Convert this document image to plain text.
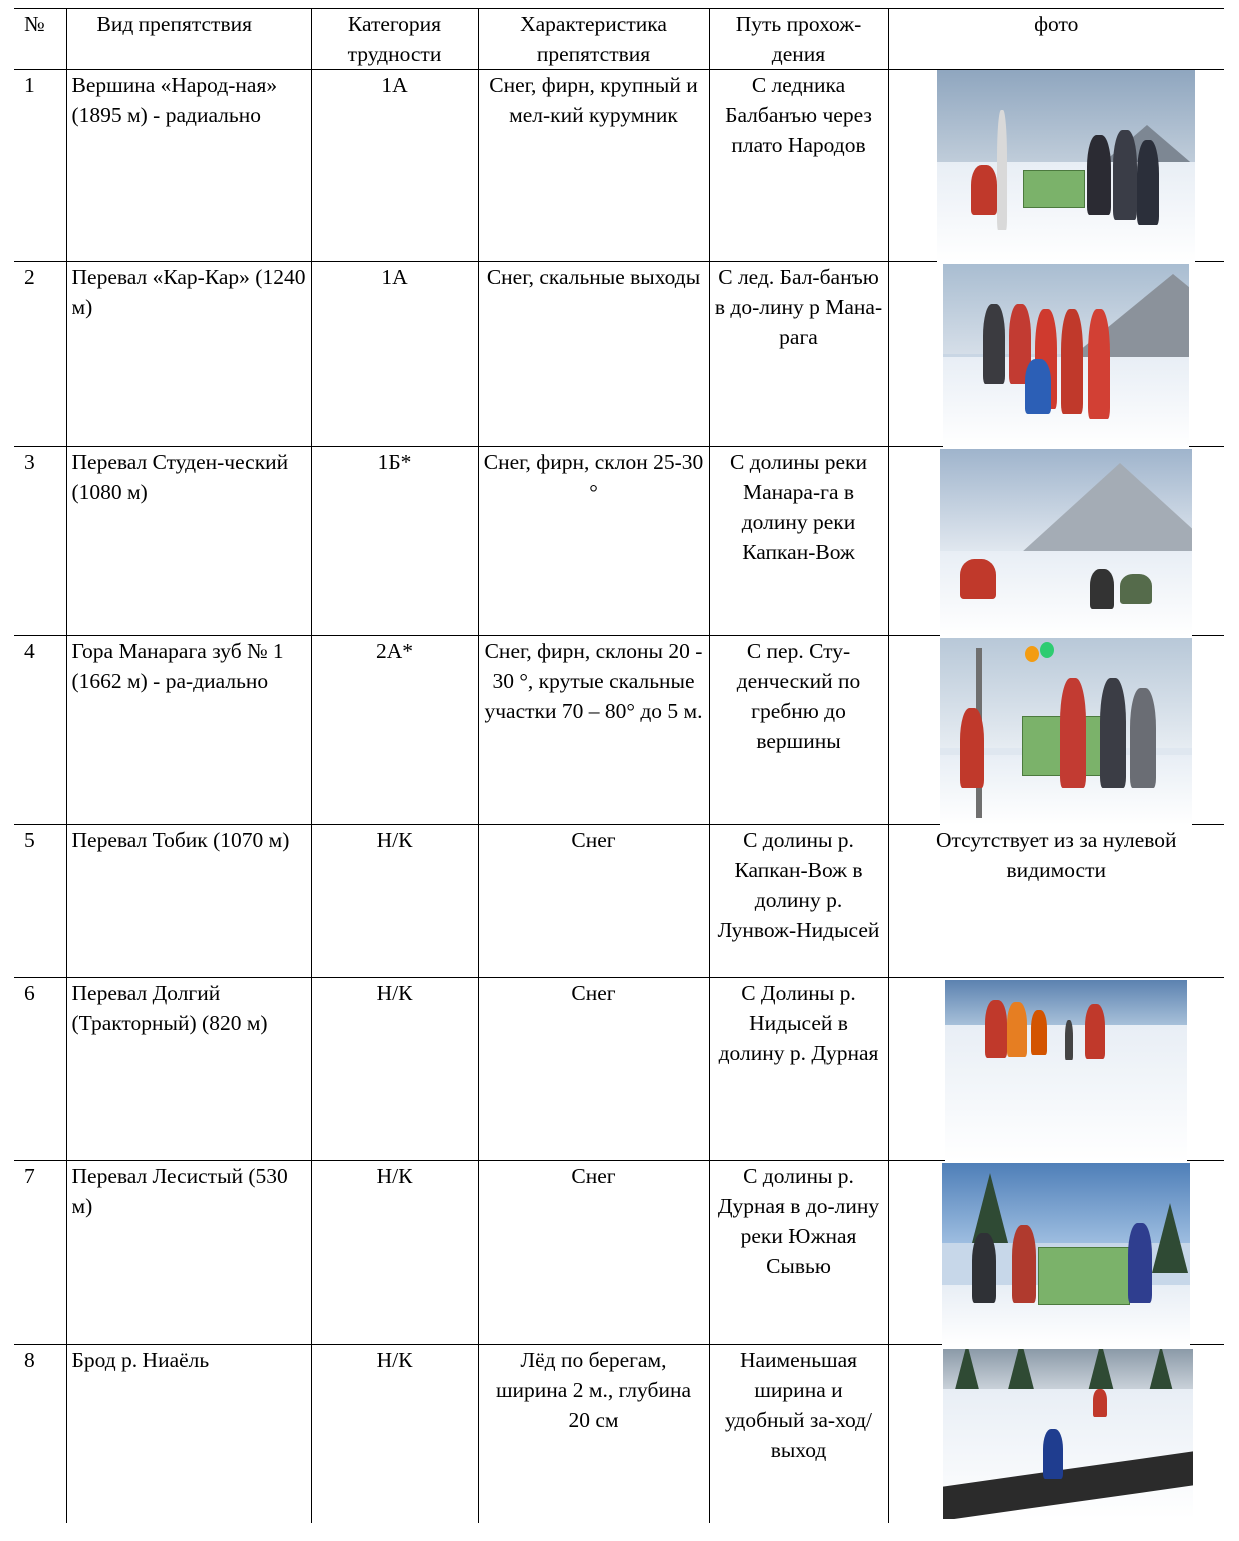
№	Вид препятствия	Категория трудности	Характеристика препятствия	Путь прохож-дения	фото
1	Вершина «Народ-ная» (1895 м) - радиально	1А	Снег, фирн, крупный и мел-кий курумник	С ледника Балбанъю через плато Народов	

2	Перевал «Кар-Кар» (1240 м)	1А	Снег, скальные выходы	С лед. Бал-банъю в до-лину р Мана-рага	

3	Перевал Студен-ческий (1080 м)	1Б*	Снег, фирн, склон 25-30 °	С долины реки Манара-га в долину реки Капкан-Вож	

4	Гора Манарага зуб № 1 (1662 м) - ра-диально	2А*	Снег, фирн, склоны 20 - 30 °, крутые скальные участки 70 – 80° до 5 м.	С пер. Сту-денческий по гребню до вершины	

5	Перевал Тобик (1070 м)	Н/К	Снег	С долины р. Капкан-Вож в долину р. Лунвож-Нидысей	Отсутствует из за нулевой видимости
6	Перевал Долгий (Тракторный) (820 м)	Н/К	Снег	С Долины р. Нидысей в долину р. Дурная	

7	Перевал Лесистый (530 м)	Н/К	Снег	С долины р. Дурная в до-лину реки Южная Сывью	

8	Брод р. Ниаёль	Н/К	Лёд по берегам, ширина 2 м., глубина 20 см	Наименьшая ширина и удобный за-ход/выход	
